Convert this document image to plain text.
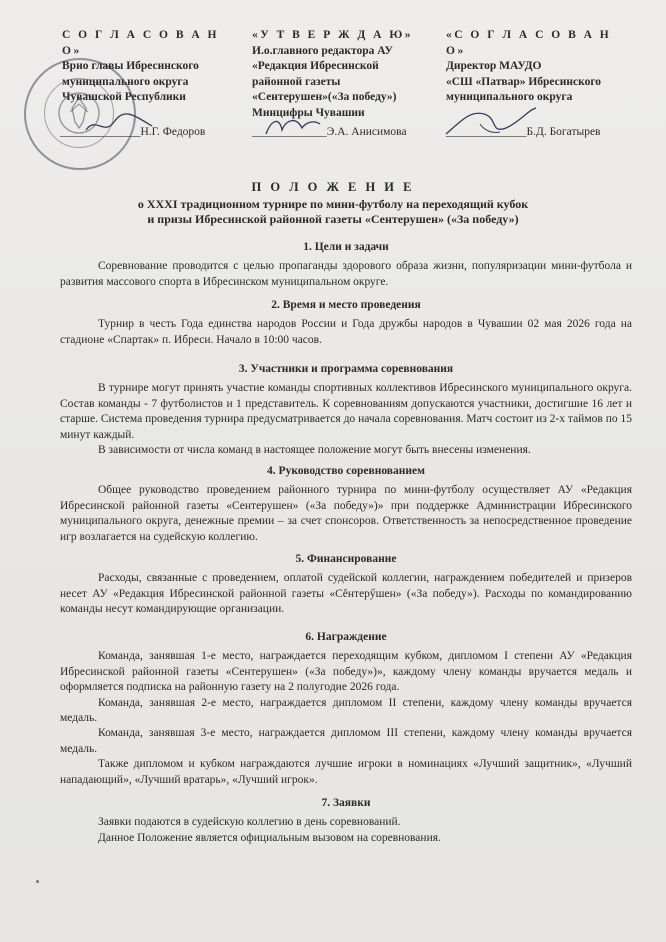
С О Г Л А С О В А Н О»
Врио главы Ибресинского
муниципального округа
Чувашской Республики
______________Н.Г. Федоров
«У Т В Е Р Ж Д А Ю»
И.о.главного редактора АУ
«Редакция Ибресинской
районной газеты
«Сентерушен»(«За победу»)
Минцифры Чувашии
_____________Э.А. Анисимова
«С О Г Л А С О В А Н О»
Директор МАУДО
«СШ «Патвар» Ибресинского
муниципального округа
______________Б.Д. Богатырев
П О Л О Ж Е Н И Е
о XXXI традиционном турнире по мини-футболу на переходящий кубок
и призы Ибресинской районной газеты «Сентерушен» («За победу»)
1. Цели и задачи

Соревнование проводится с целью пропаганды здорового образа жизни, популяризации мини-футбола и развития массового спорта в Ибресинском муниципальном округе.

2. Время и место проведения

Турнир в честь Года единства народов России и Года дружбы народов в Чувашии 02 мая 2026 года на стадионе «Спартак» п. Ибреси. Начало в 10:00 часов.

3. Участники и программа соревнования

В турнире могут принять участие команды спортивных коллективов Ибресинского муниципального округа. Состав команды - 7 футболистов и 1 представитель. К соревнованиям допускаются участники, достигшие 16 лет и старше. Система проведения турнира предусматривается до начала соревнования. Матч состоит из 2-х таймов по 15 минут каждый.

В зависимости от числа команд в настоящее положение могут быть внесены изменения.

4. Руководство соревнованием

Общее руководство проведением районного турнира по мини-футболу осуществляет АУ «Редакция Ибресинской районной газеты «Сентерушен» («За победу»)» при поддержке Администрации Ибресинского муниципального округа, денежные премии – за счет спонсоров. Ответственность за непосредственное проведение игр возлагается на судейскую коллегию.

5. Финансирование

Расходы, связанные с проведением, оплатой судейской коллегии, награждением победителей и призеров несет АУ «Редакция Ибресинской районной газеты «Сĕнтерӳшен» («За победу»). Расходы по командированию команды несут командирующие организации.

6. Награждение

Команда, занявшая 1-е место, награждается переходящим кубком, дипломом I степени АУ «Редакция Ибресинской районной газеты «Сентерушен» («За победу»)», каждому члену команды вручается медаль и оформляется подписка на районную газету на 2 полугодие 2026 года.

Команда, занявшая 2-е место, награждается дипломом II степени, каждому члену команды вручается медаль.

Команда, занявшая 3-е место, награждается дипломом III степени, каждому члену команды вручается медаль.

Также дипломом и кубком награждаются лучшие игроки в номинациях «Лучший защитник», «Лучший нападающий», «Лучший вратарь», «Лучший игрок».

7. Заявки

Заявки подаются в судейскую коллегию в день соревнований.

Данное Положение является официальным вызовом на соревнования.
